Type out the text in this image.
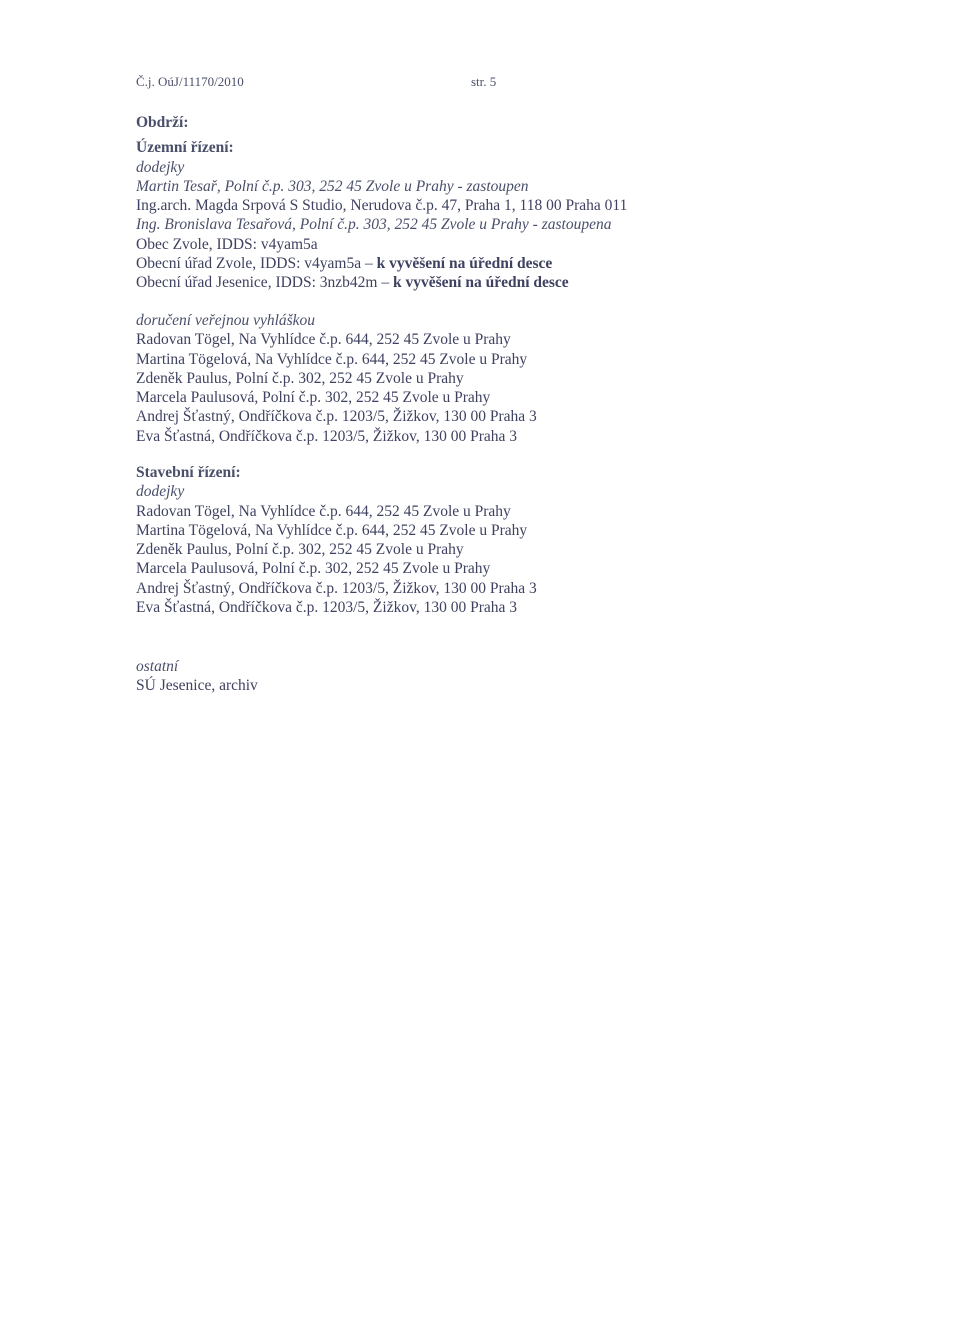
Č.j. OúJ/11170/2010	str. 5
Obdrží:
Územní řízení:
dodejky
Martin Tesař, Polní č.p. 303, 252 45 Zvole u Prahy - zastoupen
Ing.arch. Magda Srpová S Studio, Nerudova č.p. 47, Praha 1, 118 00 Praha 011
Ing. Bronislava Tesařová, Polní č.p. 303, 252 45 Zvole u Prahy - zastoupena
Obec Zvole, IDDS: v4yam5a
Obecní úřad Zvole, IDDS: v4yam5a – k vyvěšení na úřední desce
Obecní úřad Jesenice, IDDS: 3nzb42m – k vyvěšení na úřední desce
doručení veřejnou vyhláškou
Radovan Tögel, Na Vyhlídce č.p. 644, 252 45 Zvole u Prahy
Martina Tögelová, Na Vyhlídce č.p. 644, 252 45 Zvole u Prahy
Zdeněk Paulus, Polní č.p. 302, 252 45 Zvole u Prahy
Marcela Paulusová, Polní č.p. 302, 252 45 Zvole u Prahy
Andrej Šťastný, Ondříčkova č.p. 1203/5, Žižkov, 130 00 Praha 3
Eva Šťastná, Ondříčkova č.p. 1203/5, Žižkov, 130 00 Praha 3
Stavební řízení:
dodejky
Radovan Tögel, Na Vyhlídce č.p. 644, 252 45 Zvole u Prahy
Martina Tögelová, Na Vyhlídce č.p. 644, 252 45 Zvole u Prahy
Zdeněk Paulus, Polní č.p. 302, 252 45 Zvole u Prahy
Marcela Paulusová, Polní č.p. 302, 252 45 Zvole u Prahy
Andrej Šťastný, Ondříčkova č.p. 1203/5, Žižkov, 130 00 Praha 3
Eva Šťastná, Ondříčkova č.p. 1203/5, Žižkov, 130 00 Praha 3
ostatní
SÚ Jesenice, archiv
